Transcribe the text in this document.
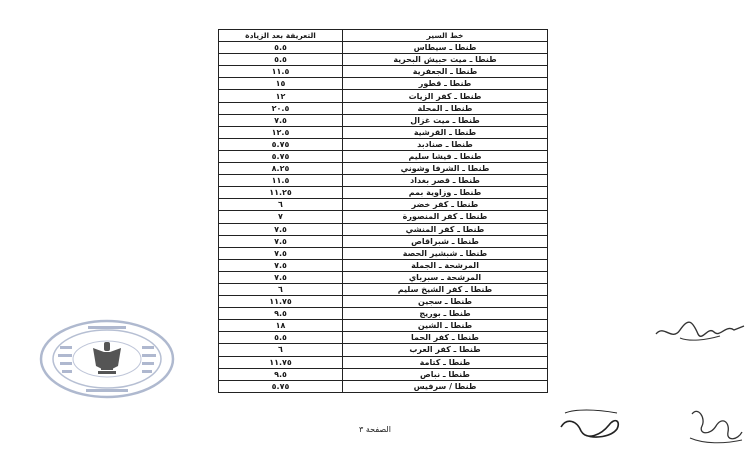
التعريفة بعد الزيادة	خط السير
٥.٥	طنطا ـ سيطاس
٥.٥	طنطا ـ ميت حبيش البحرية
١١.٥	طنطا ـ الجعفرية
١٥	طنطا ـ قطور
١٢	طنطا ـ كفر الزيات
٢٠.٥	طنطا ـ المحلة
٧.٥	طنطا ـ ميت غزال
١٢.٥	طنطا ـ القرشية
٥.٧٥	طنطا ـ صنادبد
٥.٧٥	طنطا ـ فيشا سليم
٨.٢٥	طنطا ـ الشرفا وشوني
١١.٥	طنطا ـ قصر بغداد
١١.٢٥	طنطا ـ وزاوية بمم
٦	طنطا ـ كفر خضر
٧	طنطا ـ كفر المنصورة
٧.٥	طنطا ـ كفر المنشي
٧.٥	طنطا ـ شبراقاص
٧.٥	طنطا ـ شبشير الحصة
٧.٥	المرشحة ـ الجملة
٧.٥	المرشحة ـ سبرباي
٦	طنطا ـ كفر الشيخ سليم
١١.٧٥	طنطا ـ سجين
٩.٥	طنطا ـ بوريج
١٨	طنطا ـ الشين
٥.٥	طنطا ـ كفر الحما
٦	طنطا ـ كفر العرب
١١.٧٥	طنطا ـ كتامة
٩.٥	طنطا ـ نباص
٥.٧٥	طنطا / سرفيس
الصفحة ٣
